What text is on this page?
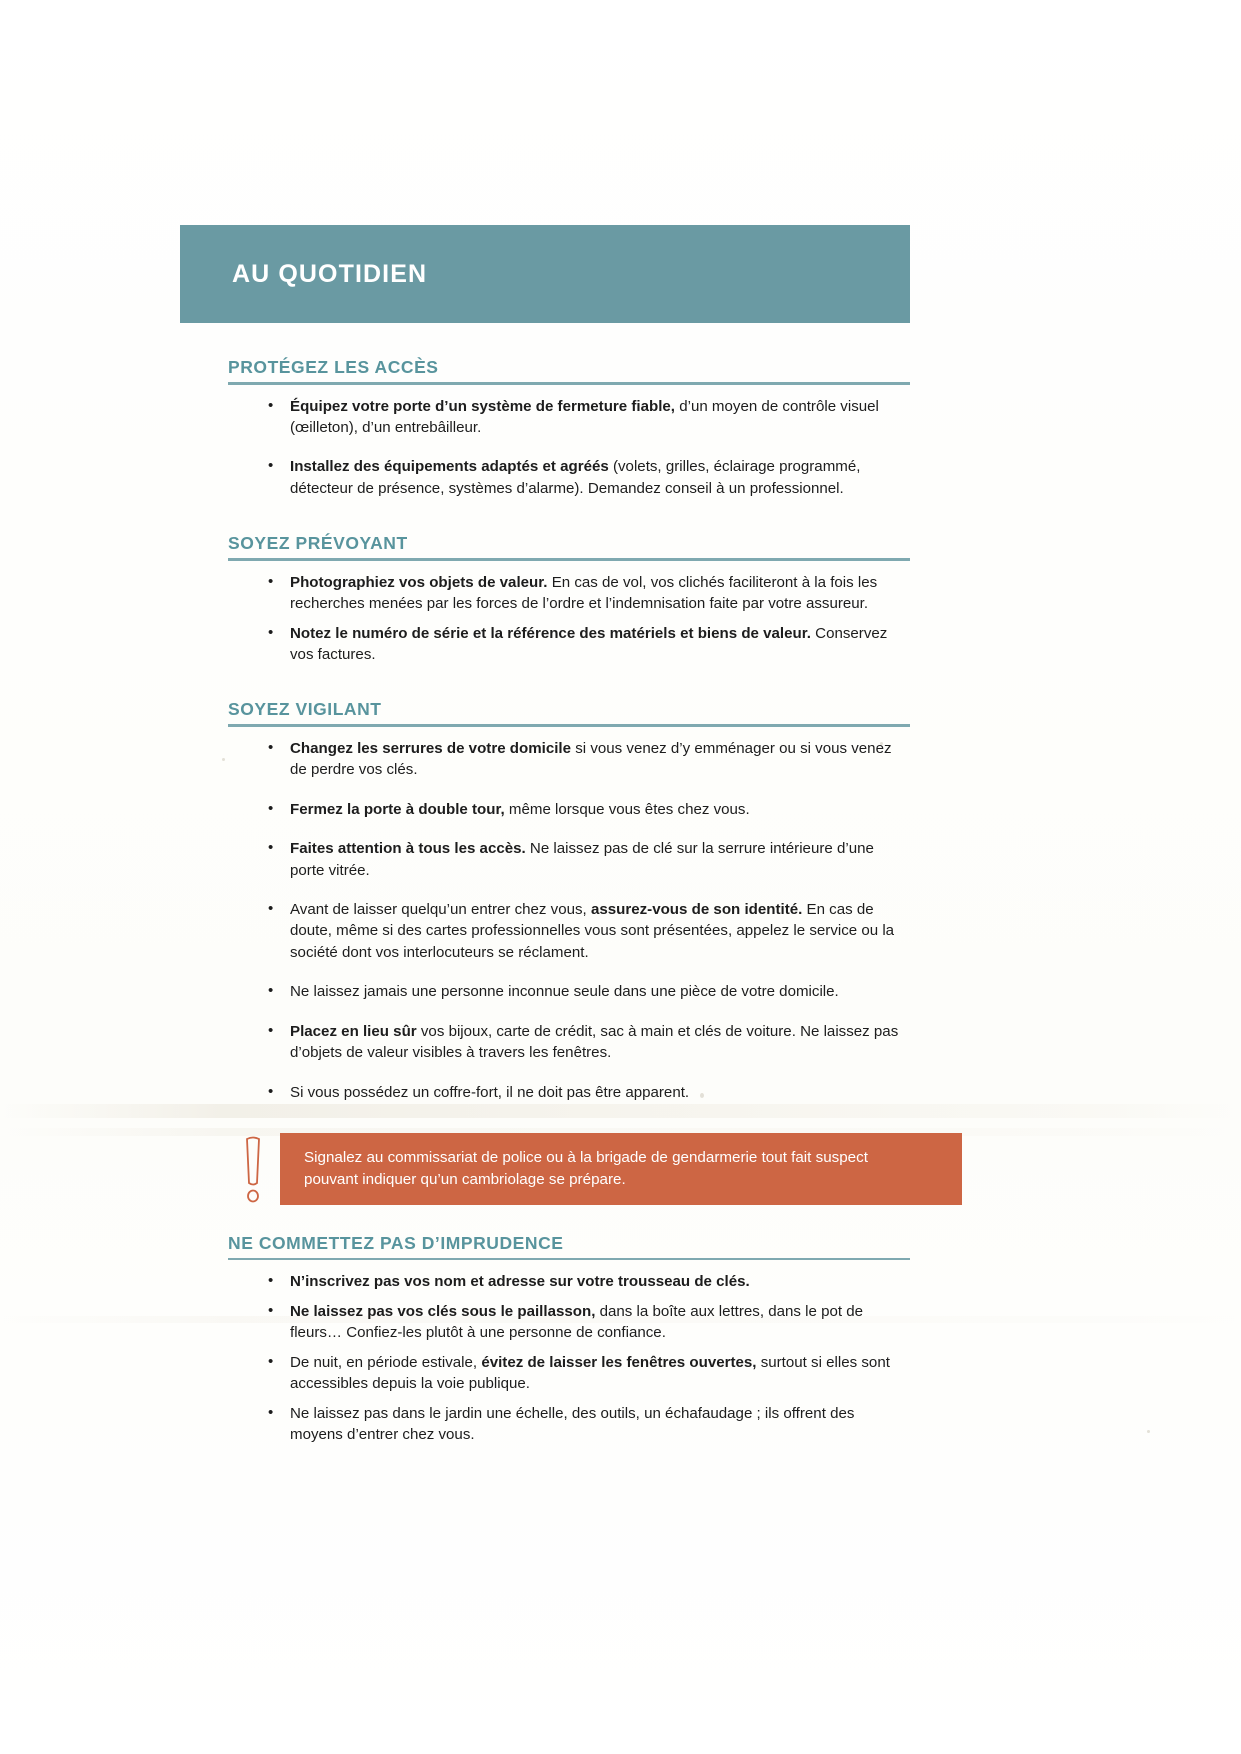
AU QUOTIDIEN
PROTÉGEZ LES ACCÈS
• Équipez votre porte d’un système de fermeture fiable, d’un moyen de contrôle visuel (œilleton), d’un entrebâilleur.
• Installez des équipements adaptés et agréés (volets, grilles, éclairage programmé, détecteur de présence, systèmes d’alarme). Demandez conseil à un professionnel.
SOYEZ PRÉVOYANT
• Photographiez vos objets de valeur. En cas de vol, vos clichés faciliteront à la fois les recherches menées par les forces de l’ordre et l’indemnisation faite par votre assureur.
• Notez le numéro de série et la référence des matériels et biens de valeur. Conservez vos factures.
SOYEZ VIGILANT
• Changez les serrures de votre domicile si vous venez d’y emménager ou si vous venez de perdre vos clés.
• Fermez la porte à double tour, même lorsque vous êtes chez vous.
• Faites attention à tous les accès. Ne laissez pas de clé sur la serrure intérieure d’une porte vitrée.
• Avant de laisser quelqu’un entrer chez vous, assurez-vous de son identité. En cas de doute, même si des cartes professionnelles vous sont présentées, appelez le service ou la société dont vos interlocuteurs se réclament.
• Ne laissez jamais une personne inconnue seule dans une pièce de votre domicile.
• Placez en lieu sûr vos bijoux, carte de crédit, sac à main et clés de voiture. Ne laissez pas d’objets de valeur visibles à travers les fenêtres.
• Si vous possédez un coffre-fort, il ne doit pas être apparent.
Signalez au commissariat de police ou à la brigade de gendarmerie tout fait suspect
pouvant indiquer qu’un cambriolage se prépare.
NE COMMETTEZ PAS D’IMPRUDENCE
• N’inscrivez pas vos nom et adresse sur votre trousseau de clés.
• Ne laissez pas vos clés sous le paillasson, dans la boîte aux lettres, dans le pot de fleurs… Confiez-les plutôt à une personne de confiance.
• De nuit, en période estivale, évitez de laisser les fenêtres ouvertes, surtout si elles sont accessibles depuis la voie publique.
• Ne laissez pas dans le jardin une échelle, des outils, un échafaudage ; ils offrent des moyens d’entrer chez vous.
